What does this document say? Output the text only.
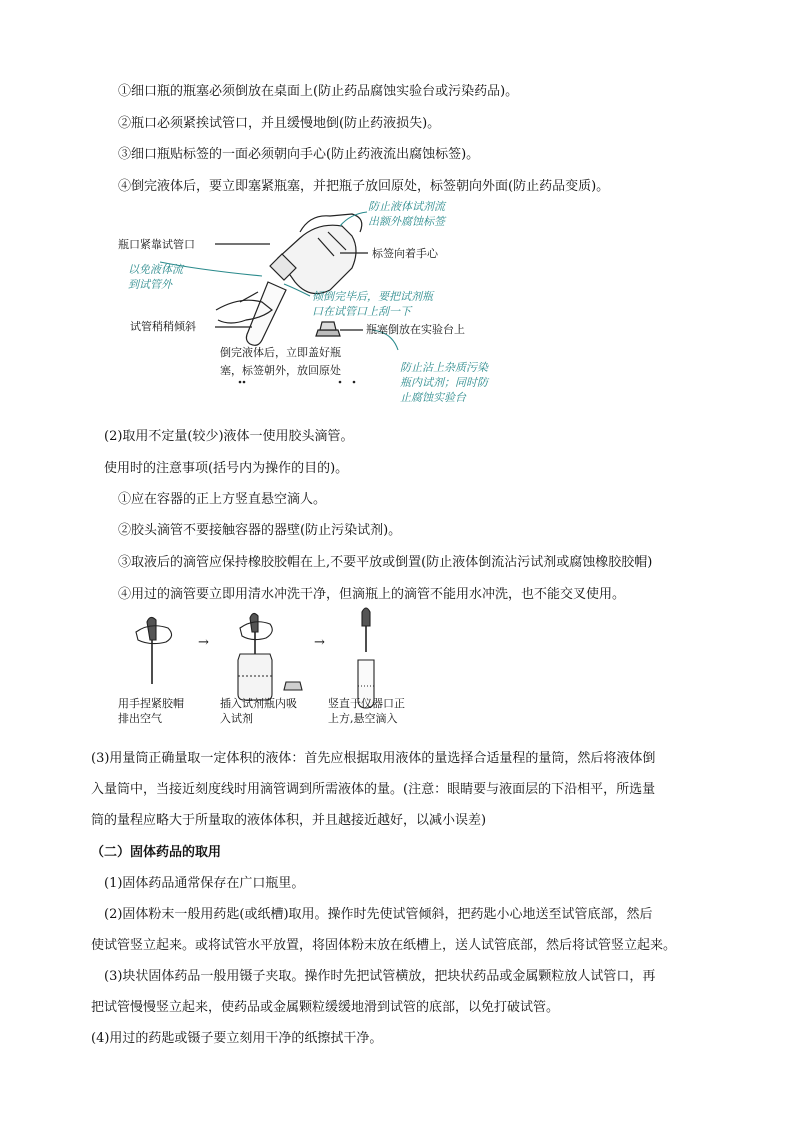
①细口瓶的瓶塞必须倒放在桌面上(防止药品腐蚀实验台或污染药品)。
②瓶口必须紧挨试管口，并且缓慢地倒(防止药液损失)。
③细口瓶贴标签的一面必须朝向手心(防止药液流出腐蚀标签)。
④倒完液体后，要立即塞紧瓶塞，并把瓶子放回原处，标签朝向外面(防止药品变质)。
瓶口紧靠试管口
试管稍稍倾斜
标签向着手心
瓶塞倒放在实验台上
倒完液体后，立即盖好瓶
塞，标签朝外，放回原处
防止液体试剂流
出额外腐蚀标签
以免液体流
到试管外
倾倒完毕后，要把试剂瓶
口在试管口上刮一下
防止沾上杂质污染
瓶内试剂；同时防
止腐蚀实验台
(2)取用不定量(较少)液体一使用胶头滴管。
使用时的注意事项(括号内为操作的目的)。
①应在容器的正上方竖直悬空滴人。
②胶头滴管不要接触容器的器壁(防止污染试剂)。
③取液后的滴管应保持橡胶胶帽在上,不要平放或倒置(防止液体倒流沾污试剂或腐蚀橡胶胶帽)
④用过的滴管要立即用清水冲洗干净，但滴瓶上的滴管不能用水冲洗，也不能交叉使用。
→	→
用手捏紧胶帽
排出空气
插入试剂瓶内吸
入试剂
竖直于仪器口正
上方,悬空滴入
(3)用量筒正确量取一定体积的液体：首先应根据取用液体的量选择合适量程的量筒，然后将液体倒
入量筒中，当接近刻度线时用滴管调到所需液体的量。(注意：眼睛要与液面层的下沿相平，所选量
筒的量程应略大于所量取的液体体积，并且越接近越好，以减小误差)
（二）固体药品的取用
(1)固体药品通常保存在广口瓶里。
(2)固体粉末一般用药匙(或纸槽)取用。操作时先使试管倾斜，把药匙小心地送至试管底部，然后
使试管竖立起来。或将试管水平放置，将固体粉末放在纸槽上，送人试管底部，然后将试管竖立起来。
(3)块状固体药品一般用镊子夹取。操作时先把试管横放，把块状药品或金属颗粒放人试管口，再
把试管慢慢竖立起来，使药品或金属颗粒缓缓地滑到试管的底部，以免打破试管。
(4)用过的药匙或镊子要立刻用干净的纸擦拭干净。
